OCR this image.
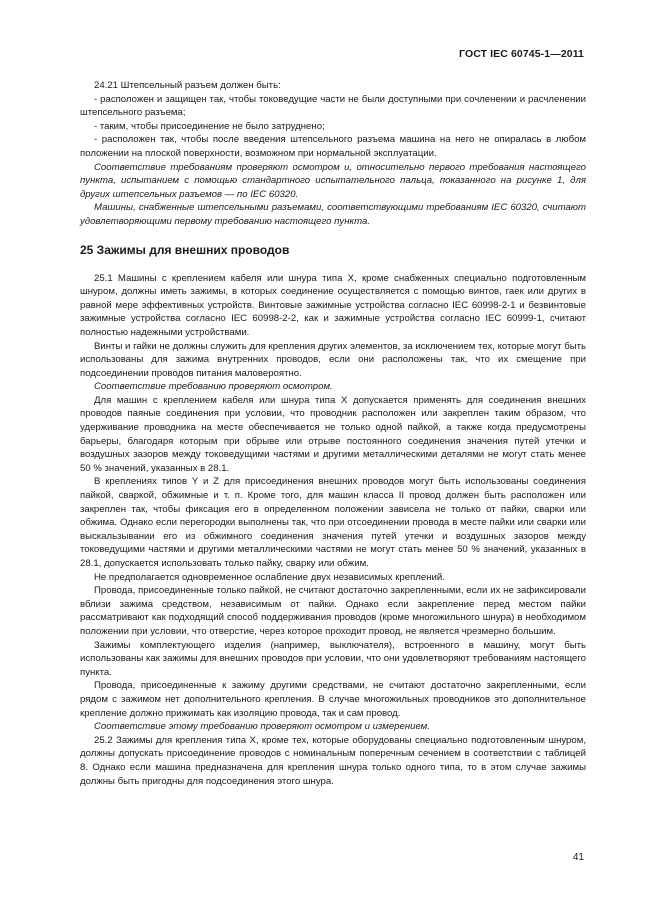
ГОСТ IEC 60745-1—2011

24.21 Штепсельный разъем должен быть:

- расположен и защищен так, чтобы токоведущие части не были доступными при сочленении и расчленении штепсельного разъема;

- таким, чтобы присоединение не было затруднено;

- расположен так, чтобы после введения штепсельного разъема машина на него не опиралась в любом положении на плоской поверхности, возможном при нормальной эксплуатации.

Соответствие требованиям проверяют осмотром и, относительно первого требования настоящего пункта, испытанием с помощью стандартного испытательного пальца, показанного на рисунке 1, для других штепсельных разъемов — по IEC 60320.

Машины, снабженные штепсельными разъемами, соответствующими требованиям IEC 60320, считают удовлетворяющими первому требованию настоящего пункта.

25 Зажимы для внешних проводов

25.1 Машины с креплением кабеля или шнура типа X, кроме снабженных специально подготовленным шнуром, должны иметь зажимы, в которых соединение осуществляется с помощью винтов, гаек или других в равной мере эффективных устройств. Винтовые зажимные устройства согласно IEC 60998-2-1 и безвинтовые зажимные устройства согласно IEC 60998-2-2, как и зажимные устройства согласно IEC 60999-1, считают полностью надежными устройствами.

Винты и гайки не должны служить для крепления других элементов, за исключением тех, которые могут быть использованы для зажима внутренних проводов, если они расположены так, что их смещение при подсоединении проводов питания маловероятно.

Соответствие требованию проверяют осмотром.

Для машин с креплением кабеля или шнура типа X допускается применять для соединения внешних проводов паяные соединения при условии, что проводник расположен или закреплен таким образом, что удерживание проводника на месте обеспечивается не только одной пайкой, а также когда предусмотрены барьеры, благодаря которым при обрыве или отрыве постоянного соединения значения путей утечки и воздушных зазоров между токоведущими частями и другими металлическими деталями не могут стать менее 50 % значений, указанных в 28.1.

В креплениях типов Y и Z для присоединения внешних проводов могут быть использованы соединения пайкой, сваркой, обжимные и т. п. Кроме того, для машин класса II провод должен быть расположен или закреплен так, чтобы фиксация его в определенном положении зависела не только от пайки, сварки или обжима. Однако если перегородки выполнены так, что при отсоединении провода в месте пайки или сварки или выскальзывании его из обжимного соединения значения путей утечки и воздушных зазоров между токоведущими частями и другими металлическими частями не могут стать менее 50 % значений, указанных в 28.1, допускается использовать только пайку, сварку или обжим.

Не предполагается одновременное ослабление двух независимых креплений.

Провода, присоединенные только пайкой, не считают достаточно закрепленными, если их не зафиксировали вблизи зажима средством, независимым от пайки. Однако если закрепление перед местом пайки рассматривают как подходящий способ поддерживания проводов (кроме многожильного шнура) в необходимом положении при условии, что отверстие, через которое проходит провод, не является чрезмерно большим.

Зажимы комплектующего изделия (например, выключателя), встроенного в машину, могут быть использованы как зажимы для внешних проводов при условии, что они удовлетворяют требованиям настоящего пункта.

Провода, присоединенные к зажиму другими средствами, не считают достаточно закрепленными, если рядом с зажимом нет дополнительного крепления. В случае многожильных проводников это дополнительное крепление должно прижимать как изоляцию провода, так и сам провод.

Соответствие этому требованию проверяют осмотром и измерением.

25.2 Зажимы для крепления типа X, кроме тех, которые оборудованы специально подготовленным шнуром, должны допускать присоединение проводов с номинальным поперечным сечением в соответствии с таблицей 8. Однако если машина предназначена для крепления шнура только одного типа, то в этом случае зажимы должны быть пригодны для подсоединения этого шнура.

41
